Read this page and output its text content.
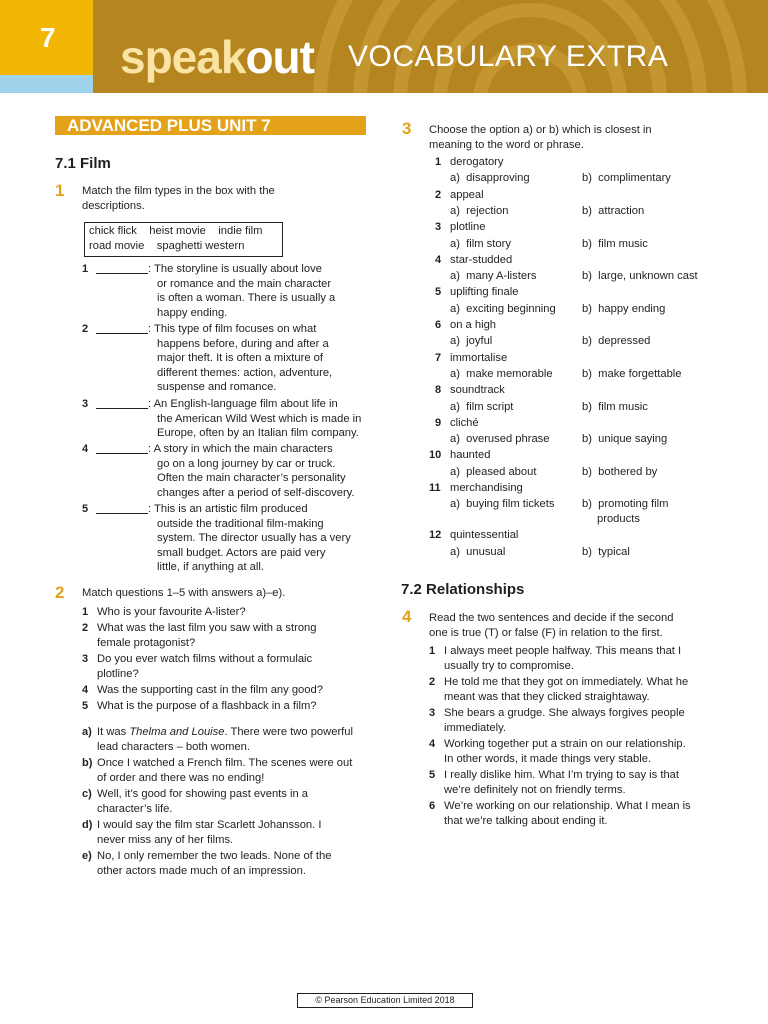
7 speakout VOCABULARY EXTRA
ADVANCED PLUS UNIT 7
7.1 Film
1 Match the film types in the box with the
descriptions.
chick flick    heist movie    indie film
road movie    spaghetti western
1	: The storyline is usually about love
or romance and the main character
is often a woman. There is usually a
happy ending.
2	: This type of film focuses on what
happens before, during and after a
major theft. It is often a mixture of
different themes: action, adventure,
suspense and romance.
3	: An English-language film about life in
the American Wild West which is made in
Europe, often by an Italian film company.
4	: A story in which the main characters
go on a long journey by car or truck.
Often the main character’s personality
changes after a period of self-discovery.
5	: This is an artistic film produced
outside the traditional film-making
system. The director usually has a very
small budget. Actors are paid very
little, if anything at all.
2 Match questions 1–5 with answers a)–e).
1 Who is your favourite A-lister?
2 What was the last film you saw with a strong
female protagonist?
3 Do you ever watch films without a formulaic
plotline?
4 Was the supporting cast in the film any good?
5 What is the purpose of a flashback in a film?
a) It was Thelma and Louise. There were two powerful
lead characters – both women.
b) Once I watched a French film. The scenes were out
of order and there was no ending!
c) Well, it’s good for showing past events in a
character’s life.
d) I would say the film star Scarlett Johansson. I
never miss any of her films.
e) No, I only remember the two leads. None of the
other actors made much of an impression.
3 Choose the option a) or b) which is closest in
meaning to the word or phrase.
1 derogatory
a)  disapproving	b)  complimentary
2 appeal
a)  rejection	b)  attraction
3 plotline
a)  film story	b)  film music
4 star-studded
a)  many A-listers	b)  large, unknown cast
5 uplifting finale
a)  exciting beginning b)  happy ending
6 on a high
a)  joyful	b)  depressed
7 immortalise
a)  make memorable	b)  make forgettable
8 soundtrack
a)  film script	b)  film music
9 cliché
a)  overused phrase	b)  unique saying
10 haunted
a)  pleased about	b)  bothered by
11 merchandising
a)  buying film tickets b)  promoting film
products
12 quintessential
a)  unusual	b)  typical
7.2 Relationships
4 Read the two sentences and decide if the second
one is true (T) or false (F) in relation to the first.
1 I always meet people halfway. This means that I
usually try to compromise.
2 He told me that they got on immediately. What he
meant was that they clicked straightaway.
3 She bears a grudge. She always forgives people
immediately.
4 Working together put a strain on our relationship.
In other words, it made things very stable.
5 I really dislike him. What I’m trying to say is that
we’re definitely not on friendly terms.
6 We’re working on our relationship. What I mean is
that we’re talking about ending it.
© Pearson Education Limited 2018
